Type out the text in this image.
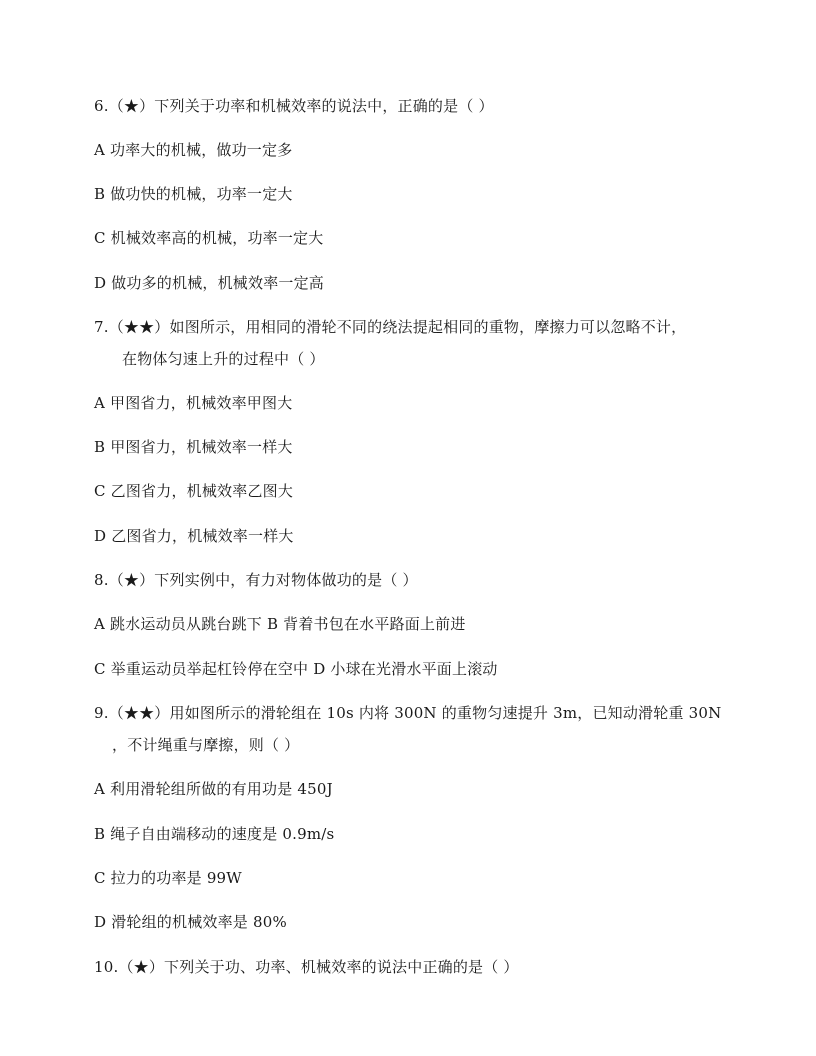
6.（★）下列关于功率和机械效率的说法中，正确的是（ ）
A 功率大的机械，做功一定多
B 做功快的机械，功率一定大
C 机械效率高的机械，功率一定大
D 做功多的机械，机械效率一定高
7.（★★）如图所示，用相同的滑轮不同的绕法提起相同的重物，摩擦力可以忽略不计，
在物体匀速上升的过程中（ ）
A 甲图省力，机械效率甲图大
B 甲图省力，机械效率一样大
C 乙图省力，机械效率乙图大
D 乙图省力，机械效率一样大
8.（★）下列实例中，有力对物体做功的是（ ）
A 跳水运动员从跳台跳下 B 背着书包在水平路面上前进
C 举重运动员举起杠铃停在空中 D 小球在光滑水平面上滚动
9.（★★）用如图所示的滑轮组在 10s 内将 300N 的重物匀速提升 3m，已知动滑轮重 30N
，不计绳重与摩擦，则（ ）
A 利用滑轮组所做的有用功是 450J
B 绳子自由端移动的速度是 0.9m/s
C 拉力的功率是 99W
D 滑轮组的机械效率是 80%
10.（★）下列关于功、功率、机械效率的说法中正确的是（ ）
